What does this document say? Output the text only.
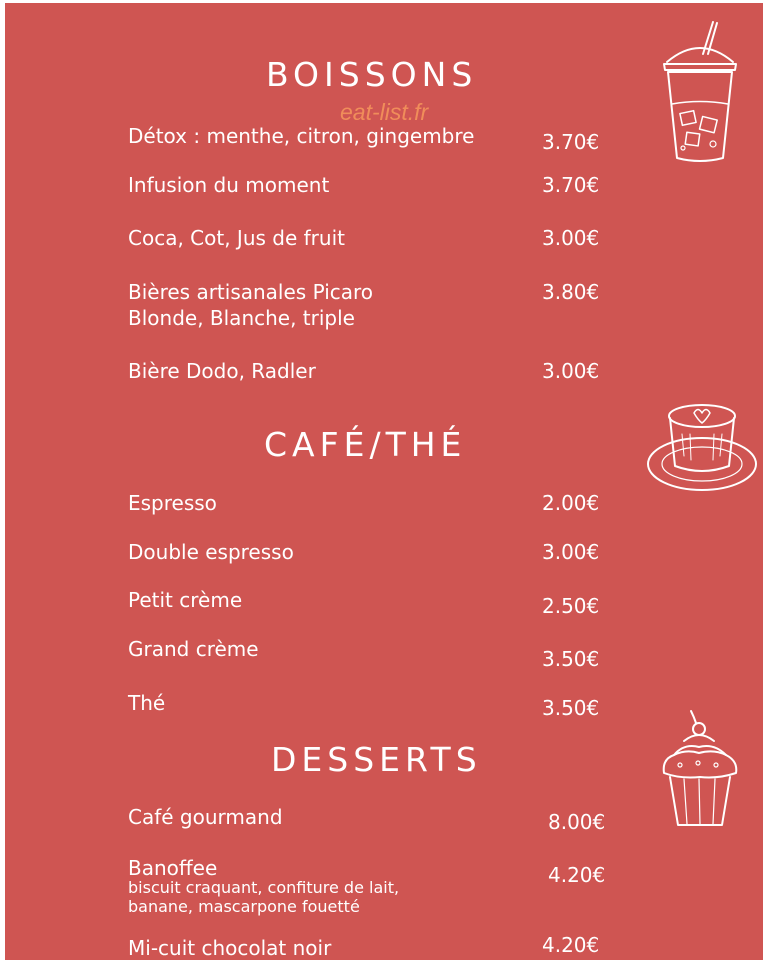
BOISSONS
eat-list.fr
Détox : menthe, citron, gingembre	3.70€
Infusion du moment	3.70€
Coca, Cot, Jus de fruit	3.00€
Bières artisanales Picaro
Blonde, Blanche, triple
3.80€
Bière Dodo, Radler	3.00€
CAFÉ/THÉ
Espresso	2.00€
Double espresso	3.00€
Petit crème	2.50€
Grand crème	3.50€
Thé	3.50€
DESSERTS
Café gourmand	8.00€
Banoffee
biscuit craquant, confiture de lait,
banane, mascarpone fouetté
4.20€
Mi-cuit chocolat noir	4.20€
